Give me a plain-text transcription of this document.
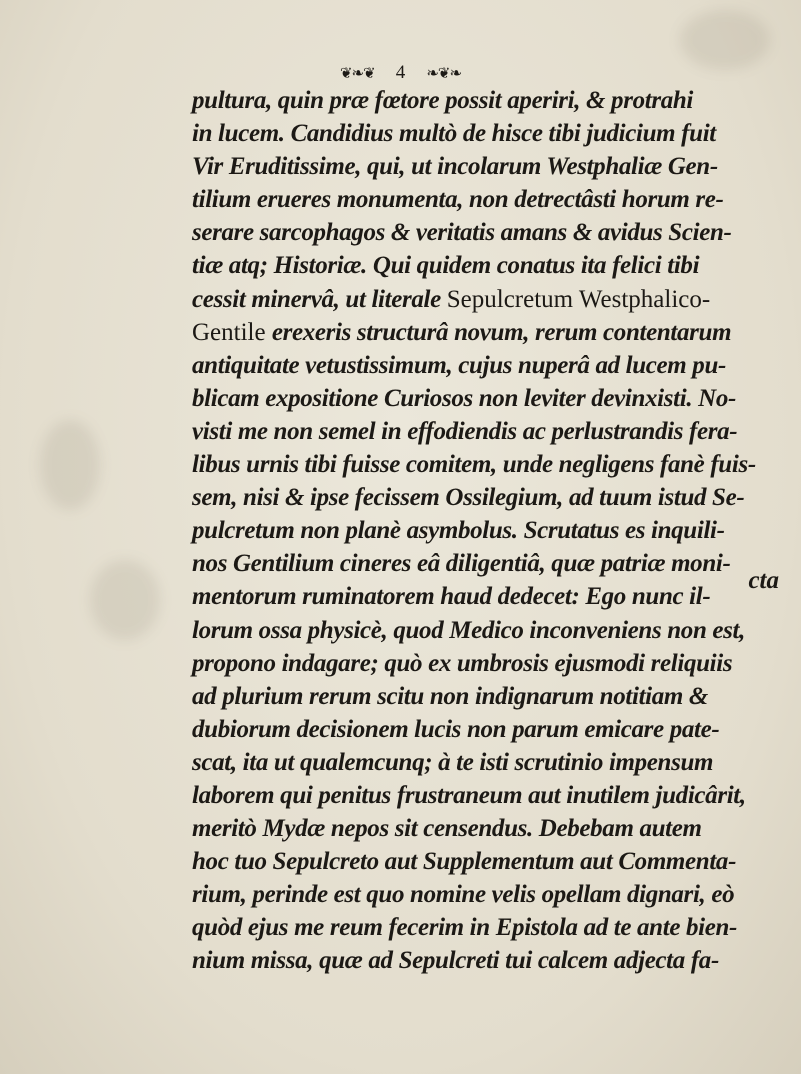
❦❧❦ 4 ❧❦❧
pultura, quin præ fœtore possit aperiri, & protrahi
in lucem. Candidius multò de hisce tibi judicium fuit
Vir Eruditissime, qui, ut incolarum Westphaliæ Gen-
tilium erueres monumenta, non detrectâsti horum re-
serare sarcophagos & veritatis amans & avidus Scien-
tiæ atq; Historiæ. Qui quidem conatus ita felici tibi
cessit minervâ, ut literale Sepulcretum Westphalico-
Gentile erexeris structurâ novum, rerum contentarum
antiquitate vetustissimum, cujus nuperâ ad lucem pu-
blicam expositione Curiosos non leviter devinxisti. No-
visti me non semel in effodiendis ac perlustrandis fera-
libus urnis tibi fuisse comitem, unde negligens fanè fuis-
sem, nisi & ipse fecissem Ossilegium, ad tuum istud Se-
pulcretum non planè asymbolus. Scrutatus es inquili-
nos Gentilium cineres eâ diligentiâ, quæ patriæ moni-
mentorum ruminatorem haud dedecet: Ego nunc il-
lorum ossa physicè, quod Medico inconveniens non est,
propono indagare; quò ex umbrosis ejusmodi reliquiis
ad plurium rerum scitu non indignarum notitiam &
dubiorum decisionem lucis non parum emicare pate-
scat, ita ut qualemcunq; à te isti scrutinio impensum
laborem qui penitus frustraneum aut inutilem judicârit,
meritò Mydæ nepos sit censendus. Debebam autem
hoc tuo Sepulcreto aut Supplementum aut Commenta-
rium, perinde est quo nomine velis opellam dignari, eò
quòd ejus me reum fecerim in Epistola ad te ante bien-
nium missa, quæ ad Sepulcreti tui calcem adjecta fa-
cta
